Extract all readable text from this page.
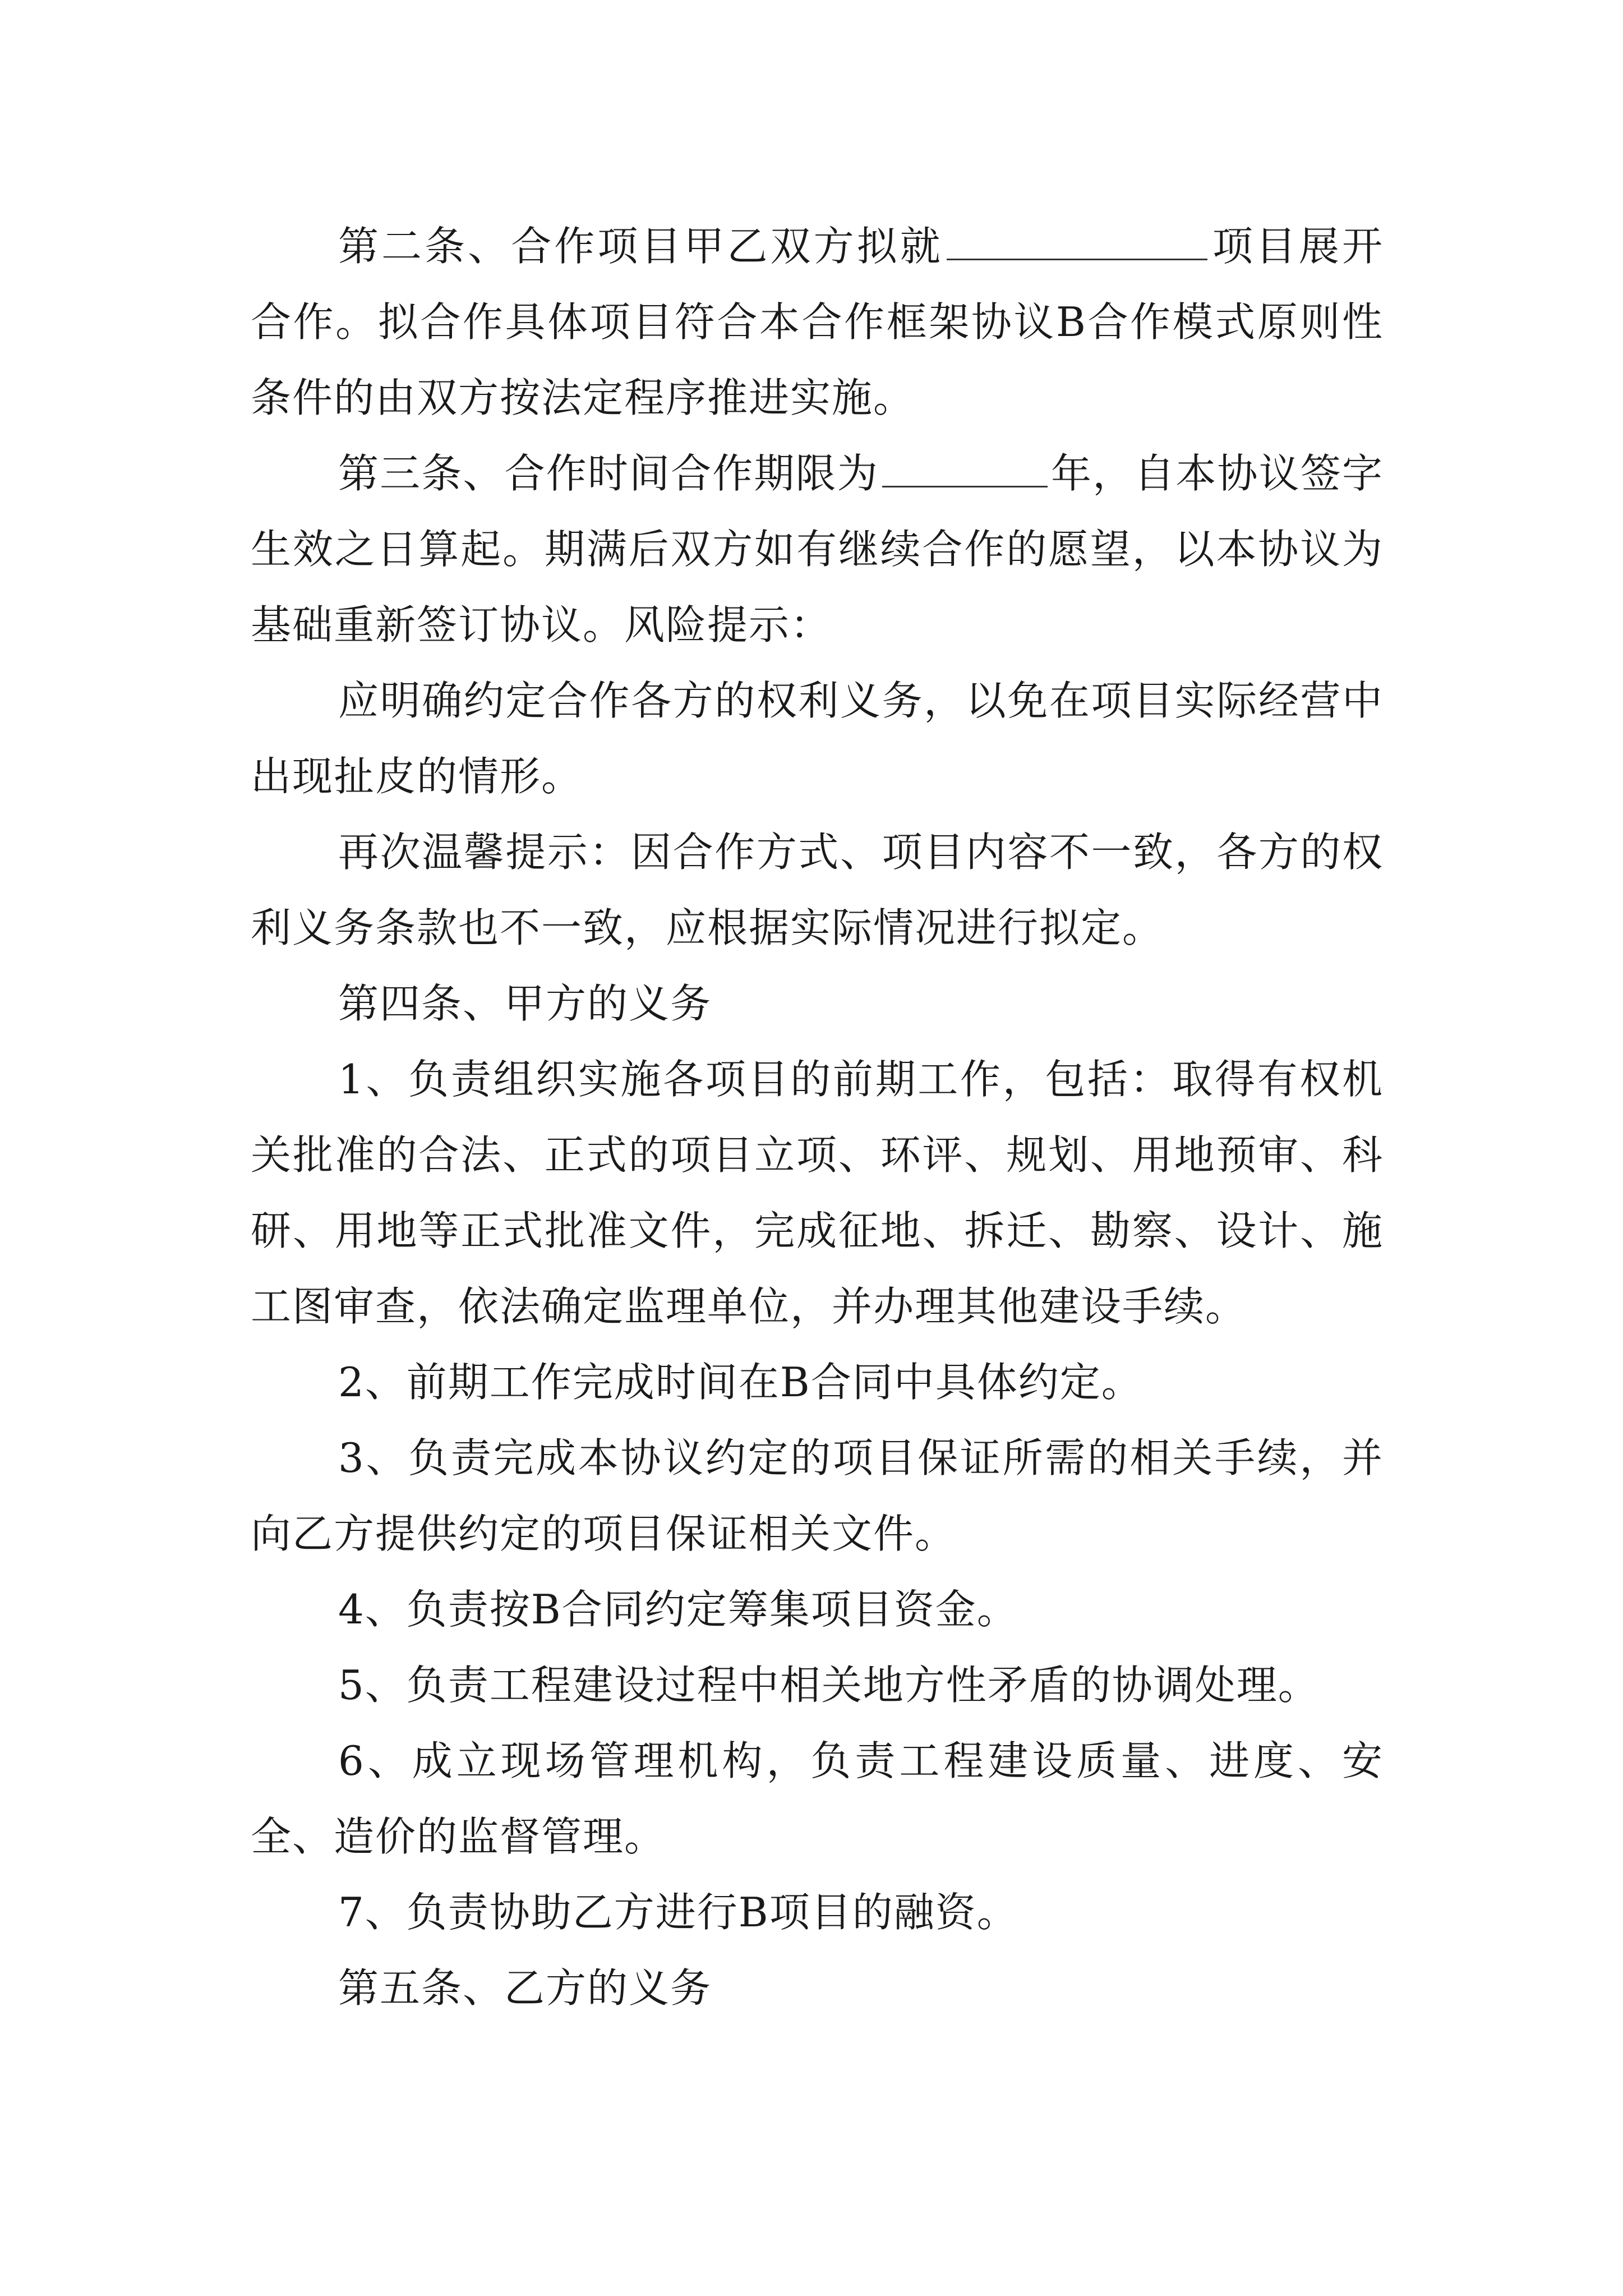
第二条、合作项目甲乙双方拟就	项目展开合作。拟合作具体项目符合本合作框架协议B合作模式原则性条件的由双方按法定程序推进实施。

第三条、合作时间合作期限为	年，自本协议签字生效之日算起。期满后双方如有继续合作的愿望，以本协议为基础重新签订协议。风险提示：

应明确约定合作各方的权利义务，以免在项目实际经营中出现扯皮的情形。

再次温馨提示：因合作方式、项目内容不一致，各方的权利义务条款也不一致，应根据实际情况进行拟定。

第四条、甲方的义务

1、负责组织实施各项目的前期工作，包括：取得有权机关批准的合法、正式的项目立项、环评、规划、用地预审、科研、用地等正式批准文件，完成征地、拆迁、勘察、设计、施工图审查，依法确定监理单位，并办理其他建设手续。

2、前期工作完成时间在B合同中具体约定。

3、负责完成本协议约定的项目保证所需的相关手续，并向乙方提供约定的项目保证相关文件。

4、负责按B合同约定筹集项目资金。

5、负责工程建设过程中相关地方性矛盾的协调处理。

6、成立现场管理机构，负责工程建设质量、进度、安全、造价的监督管理。

7、负责协助乙方进行B项目的融资。

第五条、乙方的义务
